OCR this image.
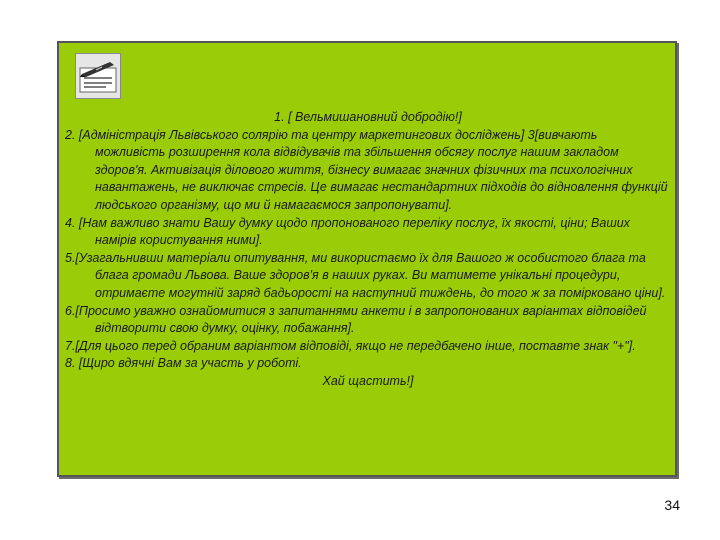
1. [ Вельмишановний добродію!]

2. [Адміністрація Львівського солярію та центру маркетингових досліджень] 3[вивчають можливість розширення кола відвідувачів та збільшення обсягу послуг нашим закладом здоров'я. Активізація ділового життя, бізнесу вимагає значних фізичних та психологічних навантажень, не виключає стресів. Це вимагає нестандартних підходів до відновлення функцій людського організму, що ми й намагаємося запропонувати].

4. [Нам важливо знати Вашу думку щодо пропонованого переліку послуг, їх якості, ціни; Ваших намірів користування ними].

5.[Узагальнивши матеріали опитування, ми використаємо їх для Вашого ж особистого блага та блага громади Львова. Ваше здоров'я в наших руках. Ви матимете унікальні процедури, отримаєте могутній заряд бадьорості на наступний тиждень, до того ж за помірковано ціни].

6.[Просимо уважно ознайомитися з запитаннями анкети і в запропонованих варіантах відповідей відтворити свою думку, оцінку, побажання].

7.[Для цього перед обраним варіантом відповіді, якщо не передбачено інше, поставте знак "+"].

8. [Щиро вдячні Вам за участь у роботі.

Хай щастить!]

34
